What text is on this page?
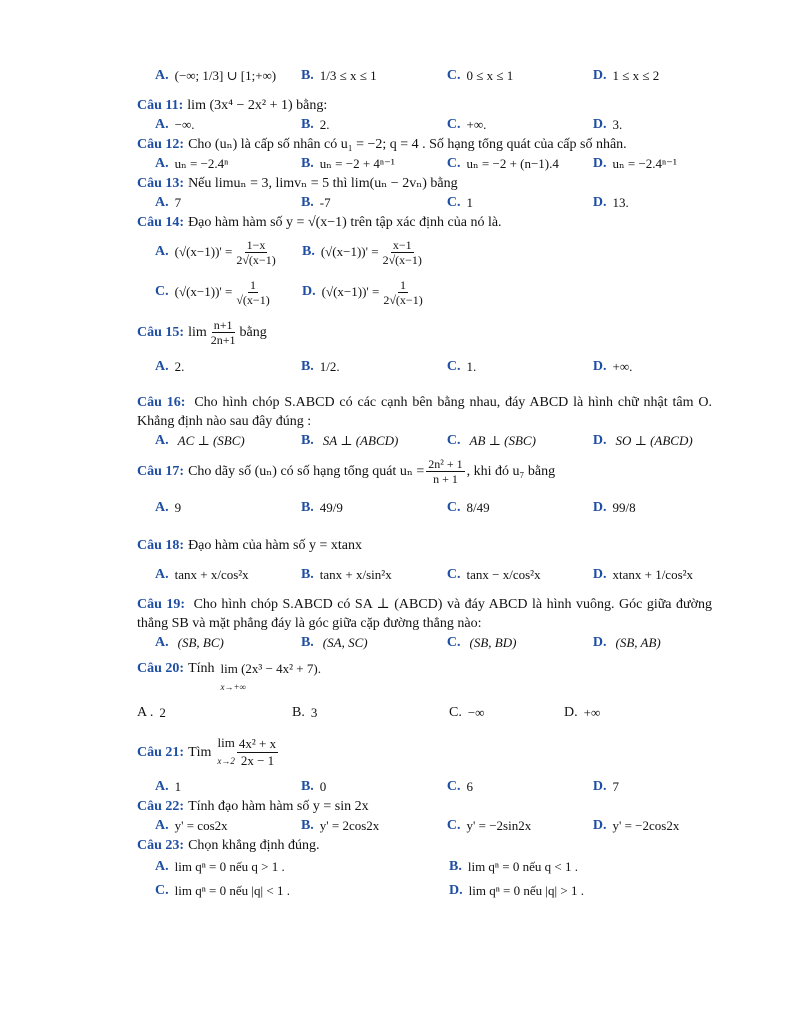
A. (−∞; 1/3] ∪ [1;+∞) B. 1/3 ≤ x ≤ 1	C. 0 ≤ x ≤ 1	D. 1 ≤ x ≤ 2
Câu 11: lim (3x⁴ − 2x² + 1) bằng:
A. −∞.	B. 2.	C. +∞.	D. 3.
Câu 12: Cho (uₙ) là cấp số nhân có u₁ = −2; q = 4 . Số hạng tổng quát của cấp số nhân.
A. uₙ = −2.4ⁿ	B. uₙ = −2 + 4ⁿ⁻¹	C. uₙ = −2 + (n−1).4 D. uₙ = −2.4ⁿ⁻¹
Câu 13: Nếu limuₙ = 3, limvₙ = 5 thì lim(uₙ − 2vₙ) bằng
A. 7	B. -7	C. 1	D. 13.
Câu 14: Đạo hàm hàm số y = √(x−1) trên tập xác định của nó là.
A. $(√(x-1))' = \frac{1-x}{2√(x-1)} B$. $(√(x-1))' = \frac{x-1}{2√(x-1)}$
C. $(√(x-1))' = \frac{1}{√(x-1)} D$. $(√(x-1))' = \frac{1}{2√(x-1)}$
Câu 15: $\lim \frac{n+1}{2n+1}$ bằng
A. 2.	B. 1/2.	C. 1.	D. +∞.
Câu 16: Cho hình chóp S.ABCD có các cạnh bên bằng nhau, đáy ABCD là hình chữ nhật tâm O. Khẳng định nào sau đây đúng :
A. AC ⊥ (SBC)	B. SA ⊥ (ABCD)	C. AB ⊥ (SBC)	D. SO ⊥ (ABCD)
Câu 17: Cho dãy số (uₙ) có số hạng tổng quát $u_n = \frac{\text{2n² + 1}}{n + 1}$ , khi đó u₇ bằng
A. 9	B. 49/9	C. 8/49	D. 99/8
Câu 18: Đạo hàm của hàm số y = xtanx
A. tanx + x/cos²x	B. tanx + x/sin²x	C. tanx − x/cos²x	D. xtanx + 1/cos²x
Câu 19: Cho hình chóp S.ABCD có SA ⊥ (ABCD) và đáy ABCD là hình vuông. Góc giữa đường thẳng SB và mặt phẳng đáy là góc giữa cặp đường thẳng nào:
A. (SB, BC)	B. (SA, SC)	C. (SB, BD)	D. (SB, AB)
Câu 20: Tính lim (2x³ − 4x² + 7).
x→+∞
A . 2	B. 3	C. −∞	D. +∞
Câu 21: Tìm
lim
$x\to 2 \frac{\text{4x² + x}}{2x - 1}$
A. 1	B. 0	C. 6	D. 7
Câu 22: Tính đạo hàm hàm số y = sin 2x
A. y' = cos2x	B. y' = 2cos2x	C. y' = −2sin2x	D. y' = −2cos2x
Câu 23: Chọn khẳng định đúng.
A. lim qⁿ = 0 nếu q > 1 .	B. lim qⁿ = 0 nếu q < 1 .
C. lim qⁿ = 0 nếu |q| < 1 .	D. lim qⁿ = 0 nếu |q| > 1 .
